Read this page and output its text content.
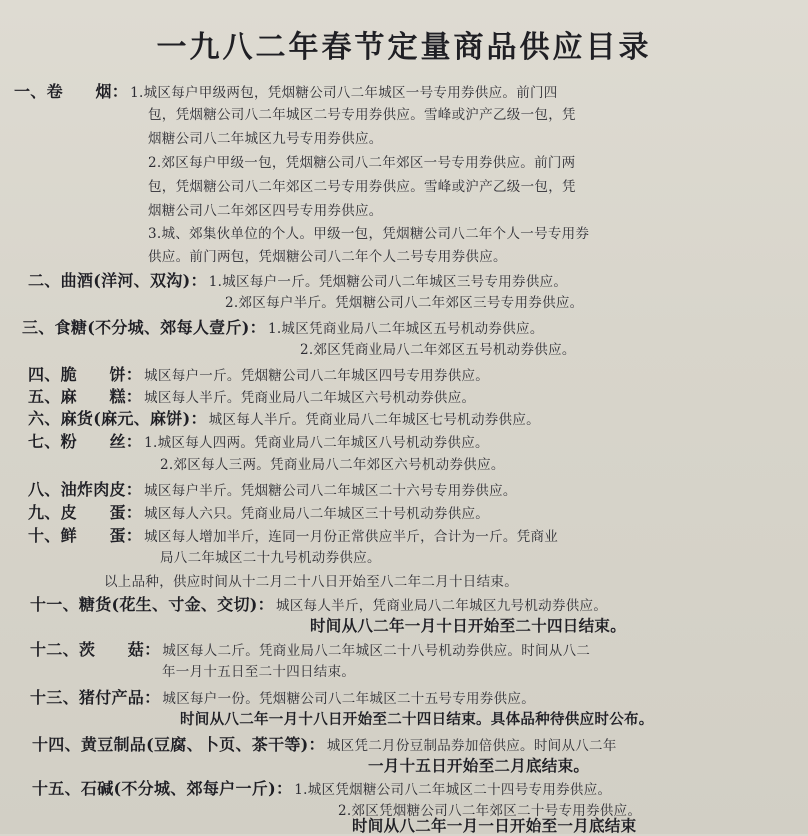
一九八二年春节定量商品供应目录
一、卷　　烟： 1.城区每户甲级两包，凭烟糖公司八二年城区一号专用券供应。前门四
包，凭烟糖公司八二年城区二号专用券供应。雪峰或沪产乙级一包，凭
烟糖公司八二年城区九号专用券供应。
2.郊区每户甲级一包，凭烟糖公司八二年郊区一号专用券供应。前门两
包，凭烟糖公司八二年郊区二号专用券供应。雪峰或沪产乙级一包，凭
烟糖公司八二年郊区四号专用券供应。
3.城、郊集伙单位的个人。甲级一包，凭烟糖公司八二年个人一号专用券
供应。前门两包，凭烟糖公司八二年个人二号专用券供应。
二、曲酒(洋河、双沟)： 1.城区每户一斤。凭烟糖公司八二年城区三号专用券供应。
2.郊区每户半斤。凭烟糖公司八二年郊区三号专用券供应。
三、食糖(不分城、郊每人壹斤)： 1.城区凭商业局八二年城区五号机动券供应。
2.郊区凭商业局八二年郊区五号机动券供应。
四、脆　　饼： 城区每户一斤。凭烟糖公司八二年城区四号专用券供应。
五、麻　　糕： 城区每人半斤。凭商业局八二年城区六号机动券供应。
六、麻货(麻元、麻饼)： 城区每人半斤。凭商业局八二年城区七号机动券供应。
七、粉　　丝： 1.城区每人四两。凭商业局八二年城区八号机动券供应。
2.郊区每人三两。凭商业局八二年郊区六号机动券供应。
八、油炸肉皮： 城区每户半斤。凭烟糖公司八二年城区二十六号专用券供应。
九、皮　　蛋： 城区每人六只。凭商业局八二年城区三十号机动券供应。
十、鲜　　蛋： 城区每人增加半斤，连同一月份正常供应半斤，合计为一斤。凭商业
局八二年城区二十九号机动券供应。
以上品种，供应时间从十二月二十八日开始至八二年二月十日结束。
十一、糖货(花生、寸金、交切)： 城区每人半斤，凭商业局八二年城区九号机动券供应。
时间从八二年一月十日开始至二十四日结束。
十二、茨　　菇： 城区每人二斤。凭商业局八二年城区二十八号机动券供应。时间从八二
年一月十五日至二十四日结束。
十三、猪付产品： 城区每户一份。凭烟糖公司八二年城区二十五号专用券供应。
时间从八二年一月十八日开始至二十四日结束。具体品种待供应时公布。
十四、黄豆制品(豆腐、卜页、茶干等)： 城区凭二月份豆制品券加倍供应。时间从八二年
一月十五日开始至二月底结束。
十五、石碱(不分城、郊每户一斤)： 1.城区凭烟糖公司八二年城区二十四号专用券供应。
2.郊区凭烟糖公司八二年郊区二十号专用券供应。
时间从八二年一月一日开始至一月底结束
